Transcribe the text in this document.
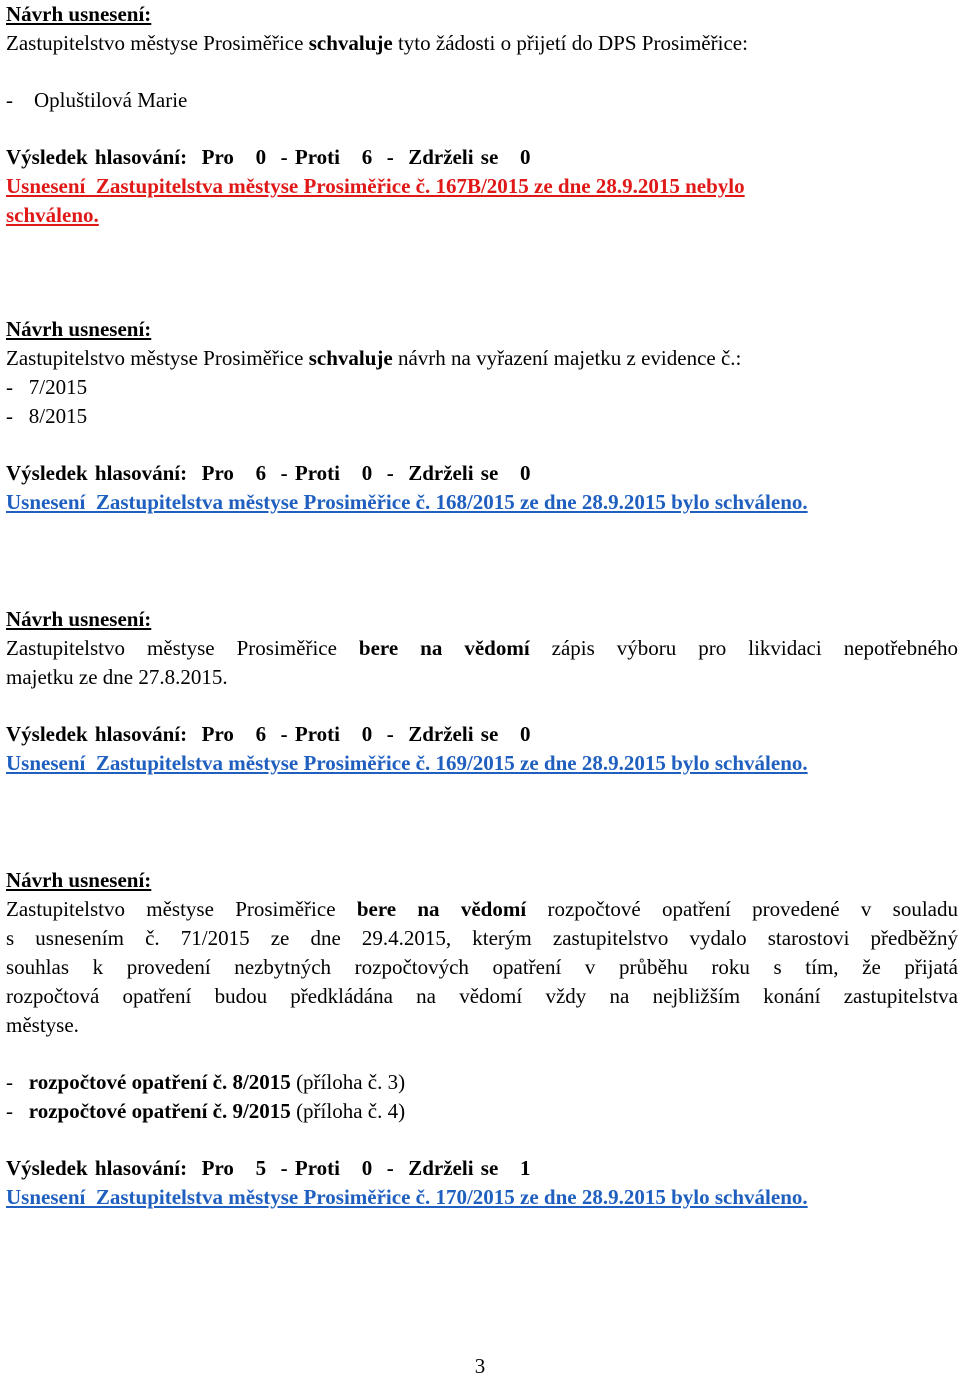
Návrh usnesení:
Zastupitelstvo městyse Prosiměřice schvaluje tyto žádosti o přijetí do DPS Prosiměřice:
-    Opluštilová Marie
Výsledek hlasování:  Pro   0  - Proti   6  -  Zdrželi se   0
Usnesení  Zastupitelstva městyse Prosiměřice č. 167B/2015 ze dne 28.9.2015 nebylo
schváleno.
Návrh usnesení:
Zastupitelstvo městyse Prosiměřice schvaluje návrh na vyřazení majetku z evidence č.:
-   7/2015
-   8/2015
Výsledek hlasování:  Pro   6  - Proti   0  -  Zdrželi se   0
Usnesení  Zastupitelstva městyse Prosiměřice č. 168/2015 ze dne 28.9.2015 bylo schváleno.
Návrh usnesení:
Zastupitelstvo městyse Prosiměřice bere na vědomí zápis výboru pro likvidaci nepotřebného
majetku ze dne 27.8.2015.
Výsledek hlasování:  Pro   6  - Proti   0  -  Zdrželi se   0
Usnesení  Zastupitelstva městyse Prosiměřice č. 169/2015 ze dne 28.9.2015 bylo schváleno.
Návrh usnesení:
Zastupitelstvo městyse Prosiměřice bere na vědomí rozpočtové opatření provedené v souladu
s usnesením č. 71/2015 ze dne 29.4.2015, kterým zastupitelstvo vydalo starostovi předběžný
souhlas k provedení nezbytných rozpočtových opatření v průběhu roku s tím, že přijatá
rozpočtová opatření budou předkládána na vědomí vždy na nejbližším konání zastupitelstva
městyse.
-   rozpočtové opatření č. 8/2015 (příloha č. 3)
-   rozpočtové opatření č. 9/2015 (příloha č. 4)
Výsledek hlasování:  Pro   5  - Proti   0  -  Zdrželi se   1
Usnesení  Zastupitelstva městyse Prosiměřice č. 170/2015 ze dne 28.9.2015 bylo schváleno.
3
